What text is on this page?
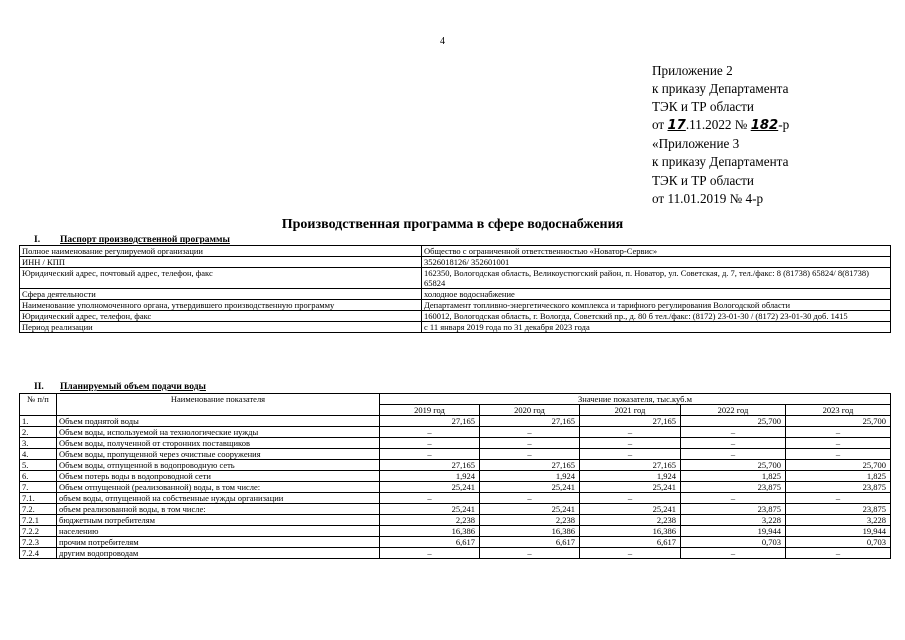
4
Приложение 2
к приказу Департамента
ТЭК и ТР области
от 17.11.2022 № 182-р
«Приложение 3
к приказу Департамента
ТЭК и ТР области
от 11.01.2019 № 4-р
Производственная программа в сфере водоснабжения
I. Паспорт производственной программы
Полное наименование регулируемой организации	Общество с ограниченной ответственностью «Новатор-Сервис»
ИНН / КПП	3526018126/ 352601001
Юридический адрес, почтовый адрес, телефон, факс	162350, Вологодская область, Великоустюгский район, п. Новатор, ул. Советская, д. 7, тел./факс: 8 (81738) 65824/ 8(81738) 65824
Сфера деятельности	холодное водоснабжение
Наименование уполномоченного органа, утвердившего производственную программу	Департамент топливно-энергетического комплекса и тарифного регулирования Вологодской области
Юридический адрес, телефон, факс	160012, Вологодская область, г. Вологда, Советский пр., д. 80 б тел./факс: (8172) 23-01-30 / (8172) 23-01-30 доб. 1415
Период реализации	с 11 января 2019 года по 31 декабря 2023 года
II. Планируемый объем подачи воды
№ п/п	Наименование показателя	Значение показателя, тыс.куб.м				
		2019 год	2020 год	2021 год	2022 год	2023 год
1.	Объем поднятой воды	27,165	27,165	27,165	25,700	25,700
2.	Объем воды, используемой на технологические нужды	–	–	–	–	–
3.	Объем воды, полученной от сторонних поставщиков	–	–	–	–	–
4.	Объем воды, пропущенной через очистные сооружения	–	–	–	–	–
5.	Объем воды, отпущенной в водопроводную сеть	27,165	27,165	27,165	25,700	25,700
6.	Объем потерь воды в водопроводной сети	1,924	1,924	1,924	1,825	1,825
7.	Объем отпущенной (реализованной) воды, в том числе:	25,241	25,241	25,241	23,875	23,875
7.1.	объем воды, отпущенной на собственные нужды организации	–	–	–	–	–
7.2.	объем реализованной воды, в том числе:	25,241	25,241	25,241	23,875	23,875
7.2.1	бюджетным потребителям	2,238	2,238	2,238	3,228	3,228
7.2.2	населению	16,386	16,386	16,386	19,944	19,944
7.2.3	прочим потребителям	6,617	6,617	6,617	0,703	0,703
7.2.4	другим водопроводам	–	–	–	–	–
